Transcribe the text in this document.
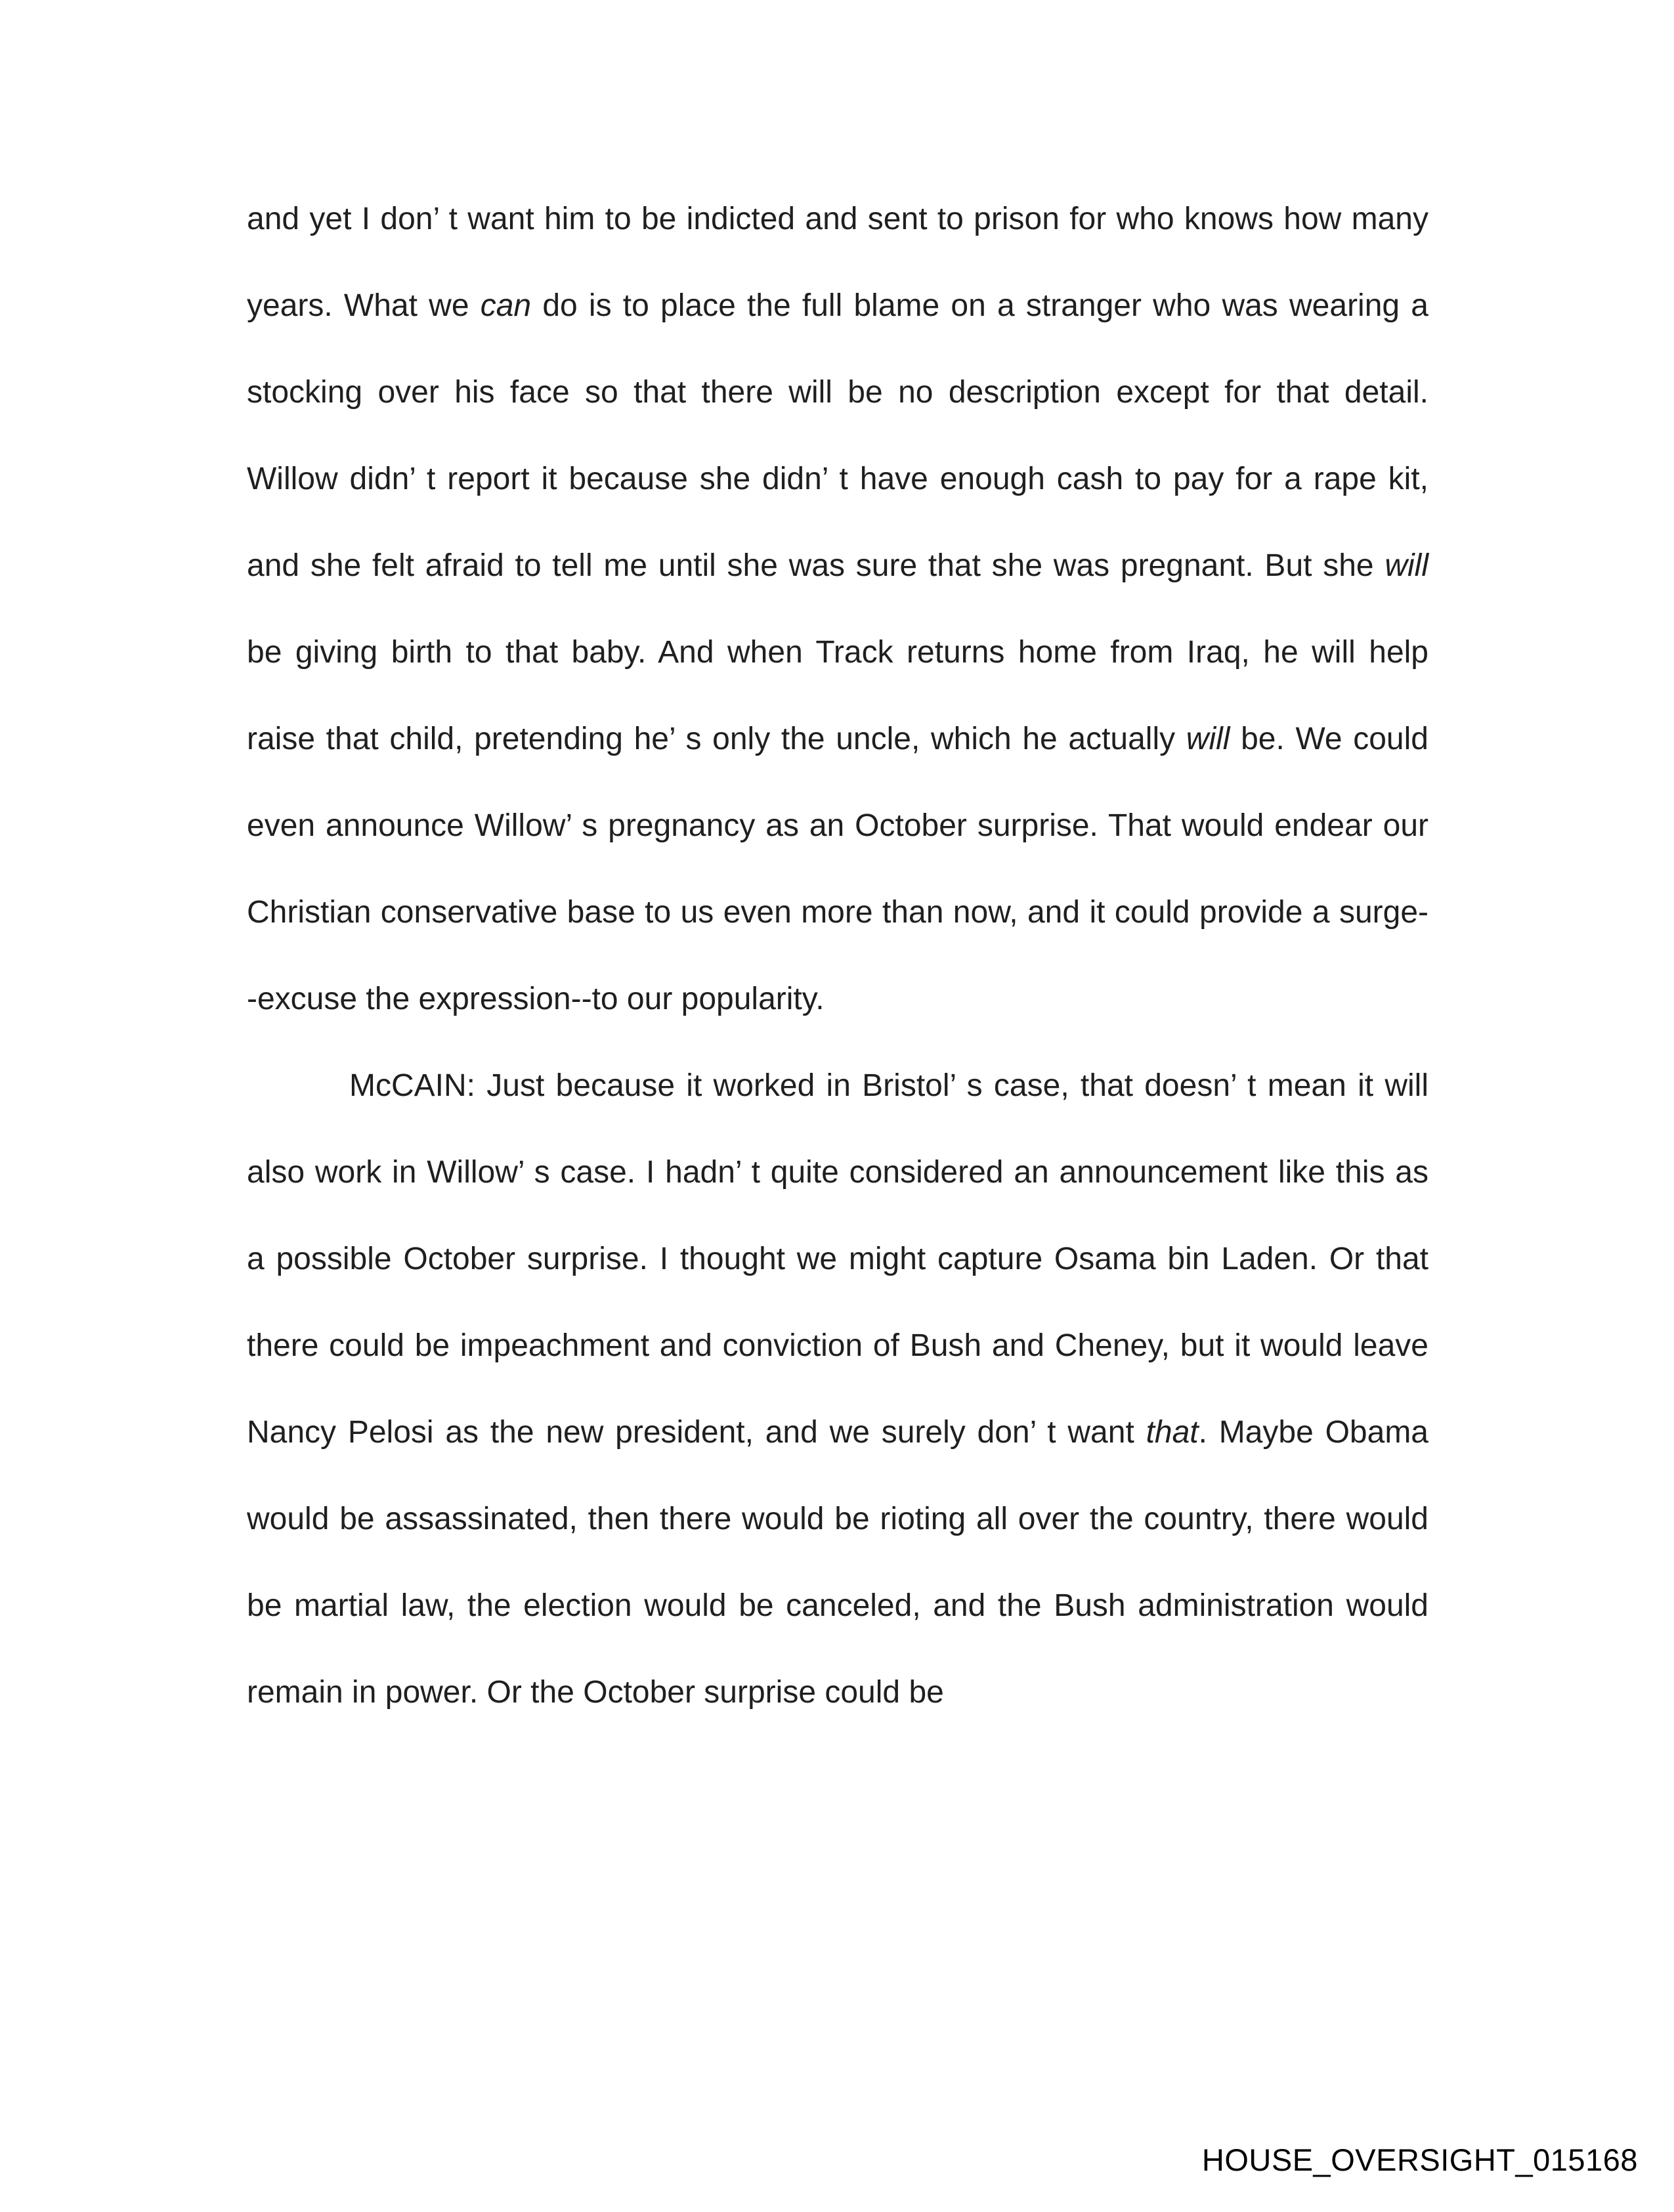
and yet I don’ t want him to be indicted and sent to prison for who knows how many years. What we can do is to place the full blame on a stranger who was wearing a stocking over his face so that there will be no description except for that detail. Willow didn’ t report it because she didn’ t have enough cash to pay for a rape kit, and she felt afraid to tell me until she was sure that she was pregnant. But she will be giving birth to that baby. And when Track returns home from Iraq, he will help raise that child, pretending he’ s only the uncle, which he actually will be. We could even announce Willow’ s pregnancy as an October surprise. That would endear our Christian conservative base to us even more than now, and it could provide a surge--excuse the expression--to our popularity.

McCAIN: Just because it worked in Bristol’ s case, that doesn’ t mean it will also work in Willow’ s case. I hadn’ t quite considered an announcement like this as a possible October surprise. I thought we might capture Osama bin Laden. Or that there could be impeachment and conviction of Bush and Cheney, but it would leave Nancy Pelosi as the new president, and we surely don’ t want that. Maybe Obama would be assassinated, then there would be rioting all over the country, there would be martial law, the election would be canceled, and the Bush administration would remain in power. Or the October surprise could be

HOUSE_OVERSIGHT_015168
